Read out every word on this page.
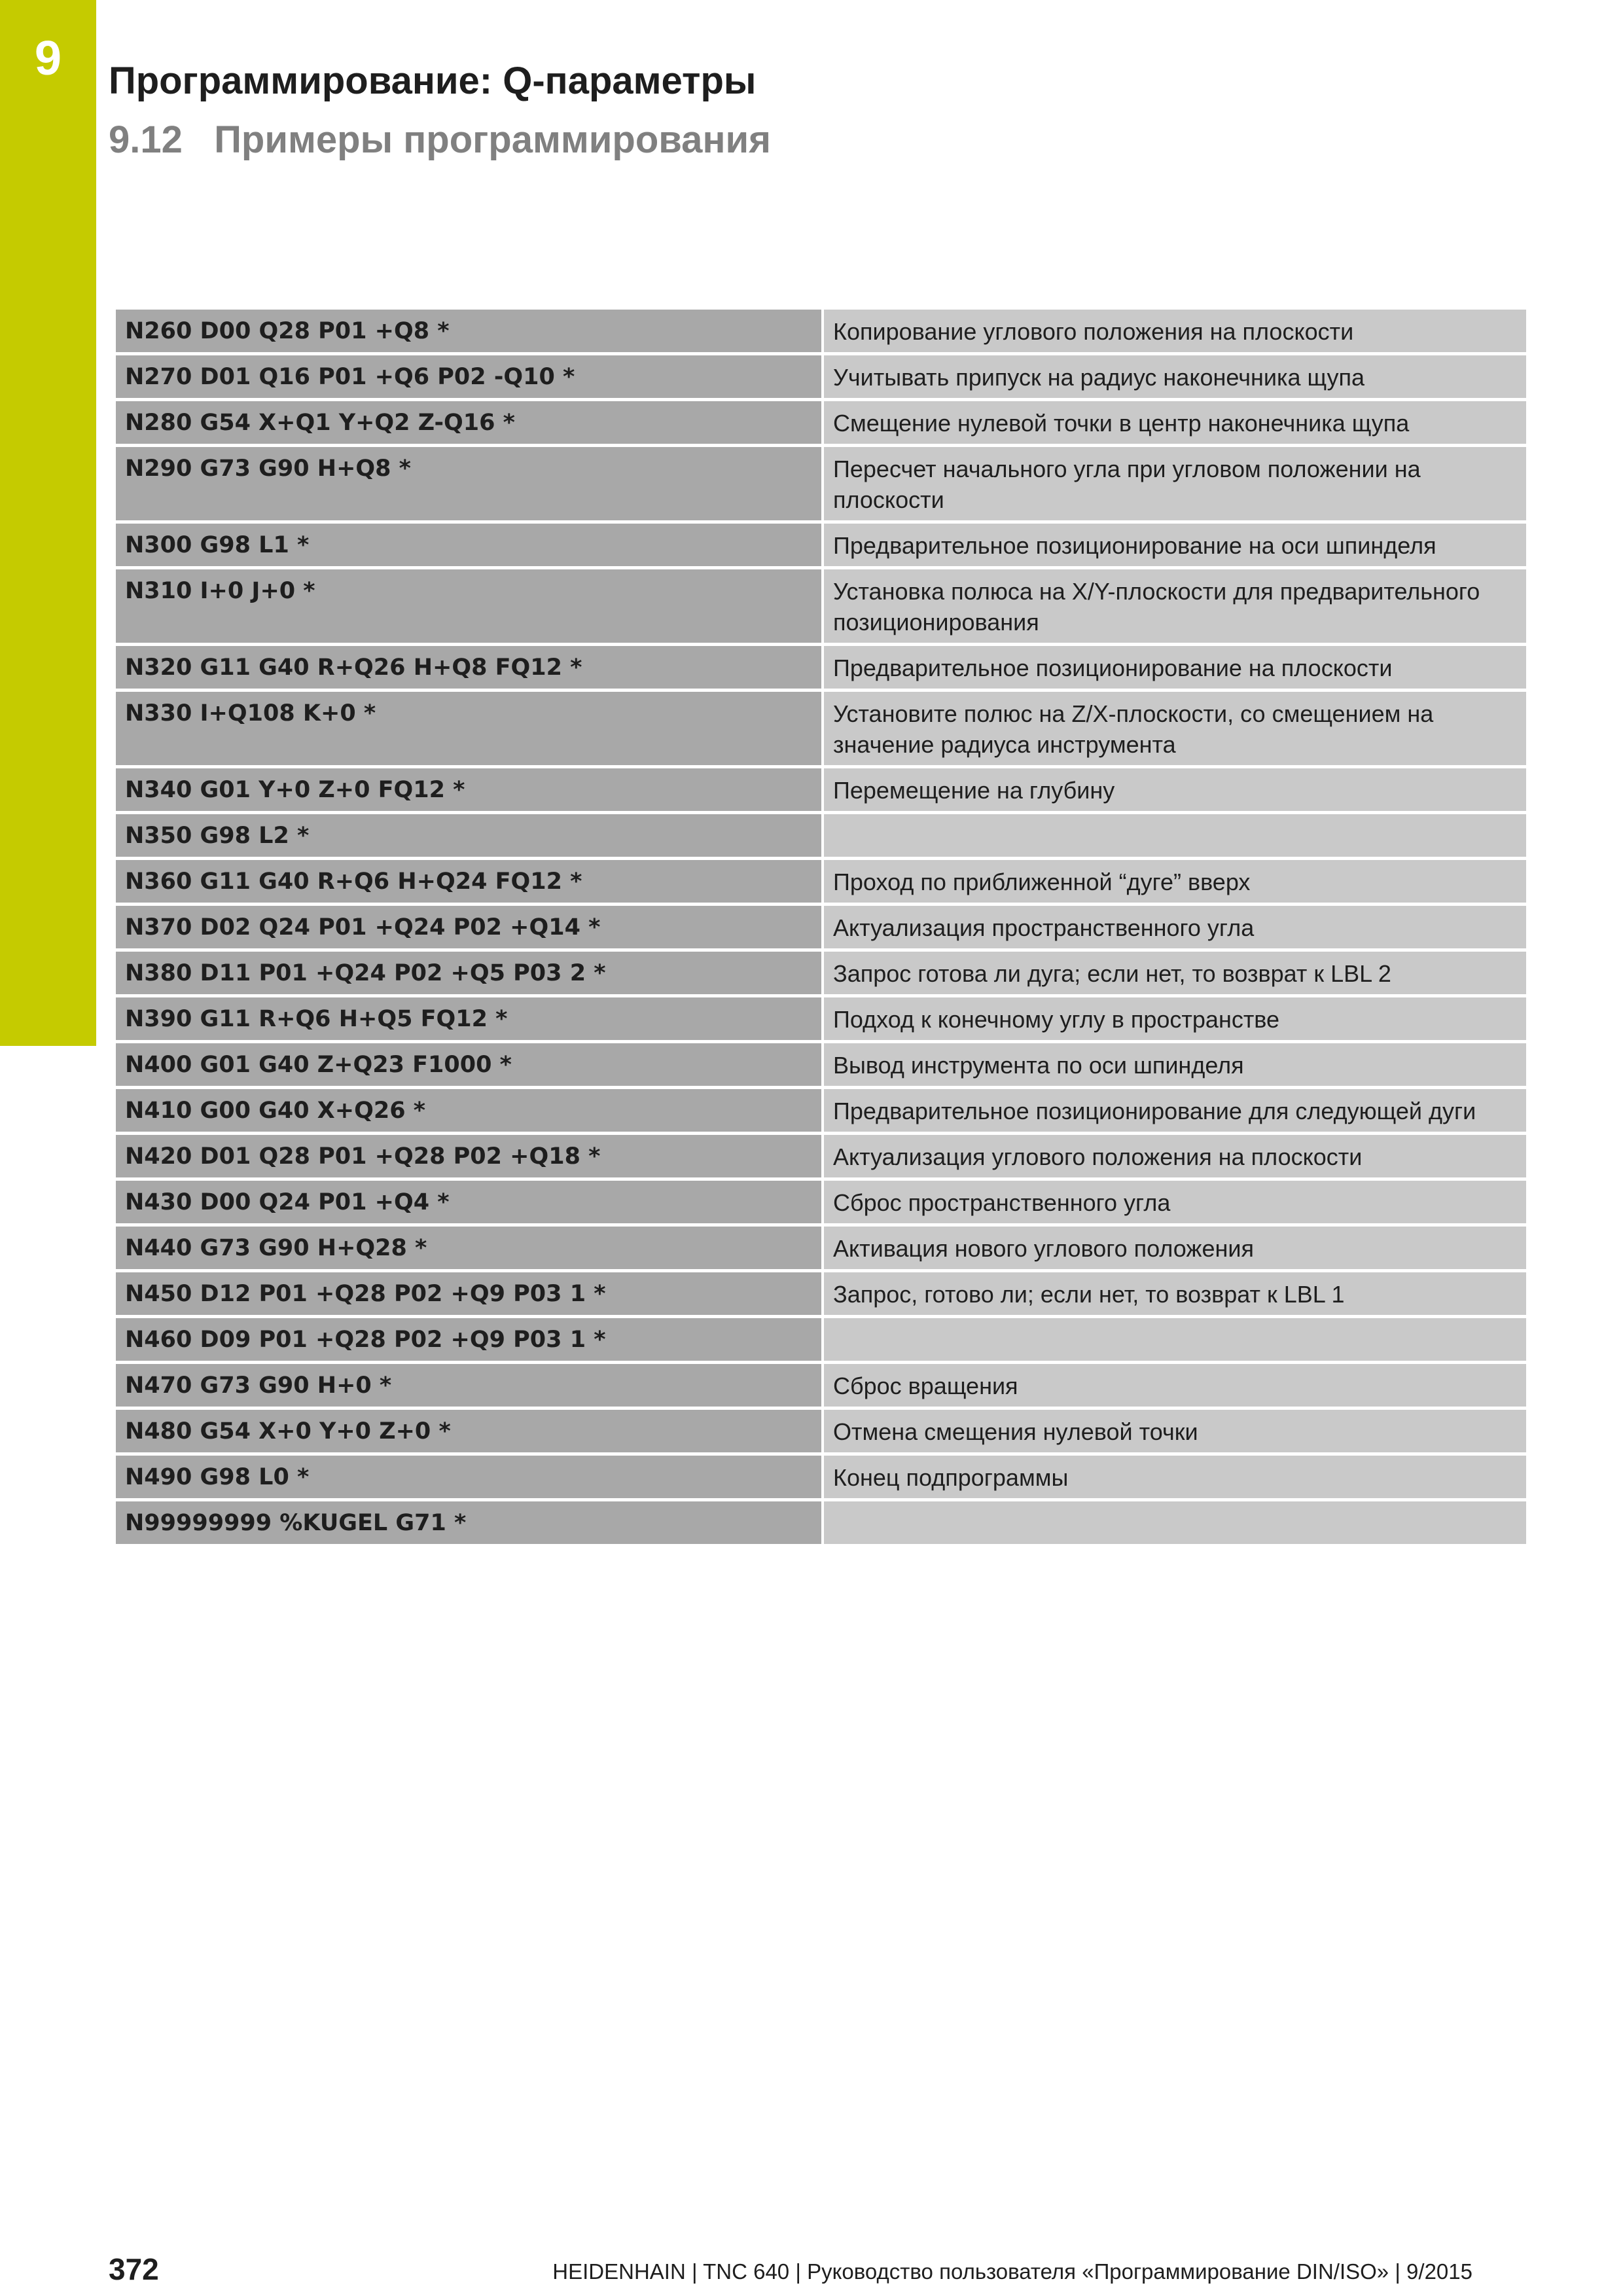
9	Программирование: Q-параметры
9.12   Примеры программирования
N260 D00 Q28 P01 +Q8 *	Копирование углового положения на плоскости
N270 D01 Q16 P01 +Q6 P02 -Q10 *	Учитывать припуск на радиус наконечника щупа
N280 G54 X+Q1 Y+Q2 Z-Q16 *	Смещение нулевой точки в центр наконечника щупа
N290 G73 G90 H+Q8 *	Пересчет начального угла при угловом положении на плоскости
N300 G98 L1 *	Предварительное позиционирование на оси шпинделя
N310 I+0 J+0 *	Установка полюса на X/Y-плоскости для предварительного позиционирования
N320 G11 G40 R+Q26 H+Q8 FQ12 *	Предварительное позиционирование на плоскости
N330 I+Q108 K+0 *	Установите полюс на Z/X-плоскости, со смещением на значение радиуса инструмента
N340 G01 Y+0 Z+0 FQ12 *	Перемещение на глубину
N350 G98 L2 *	
N360 G11 G40 R+Q6 H+Q24 FQ12 *	Проход по приближенной “дуге” вверх
N370 D02 Q24 P01 +Q24 P02 +Q14 *	Актуализация пространственного угла
N380 D11 P01 +Q24 P02 +Q5 P03 2 *	Запрос готова ли дуга; если нет, то возврат к LBL 2
N390 G11 R+Q6 H+Q5 FQ12 *	Подход к конечному углу в пространстве
N400 G01 G40 Z+Q23 F1000 *	Вывод инструмента по оси шпинделя
N410 G00 G40 X+Q26 *	Предварительное позиционирование для следующей дуги
N420 D01 Q28 P01 +Q28 P02 +Q18 *	Актуализация углового положения на плоскости
N430 D00 Q24 P01 +Q4 *	Сброс пространственного угла
N440 G73 G90 H+Q28 *	Активация нового углового положения
N450 D12 P01 +Q28 P02 +Q9 P03 1 *	Запрос, готово ли; если нет, то возврат к LBL 1
N460 D09 P01 +Q28 P02 +Q9 P03 1 *	
N470 G73 G90 H+0 *	Сброс вращения
N480 G54 X+0 Y+0 Z+0 *	Отмена смещения нулевой точки
N490 G98 L0 *	Конец подпрограммы
N99999999 %KUGEL G71 *	
372	HEIDENHAIN | TNC 640 | Руководство пользователя «Программирование DIN/ISO» | 9/2015
